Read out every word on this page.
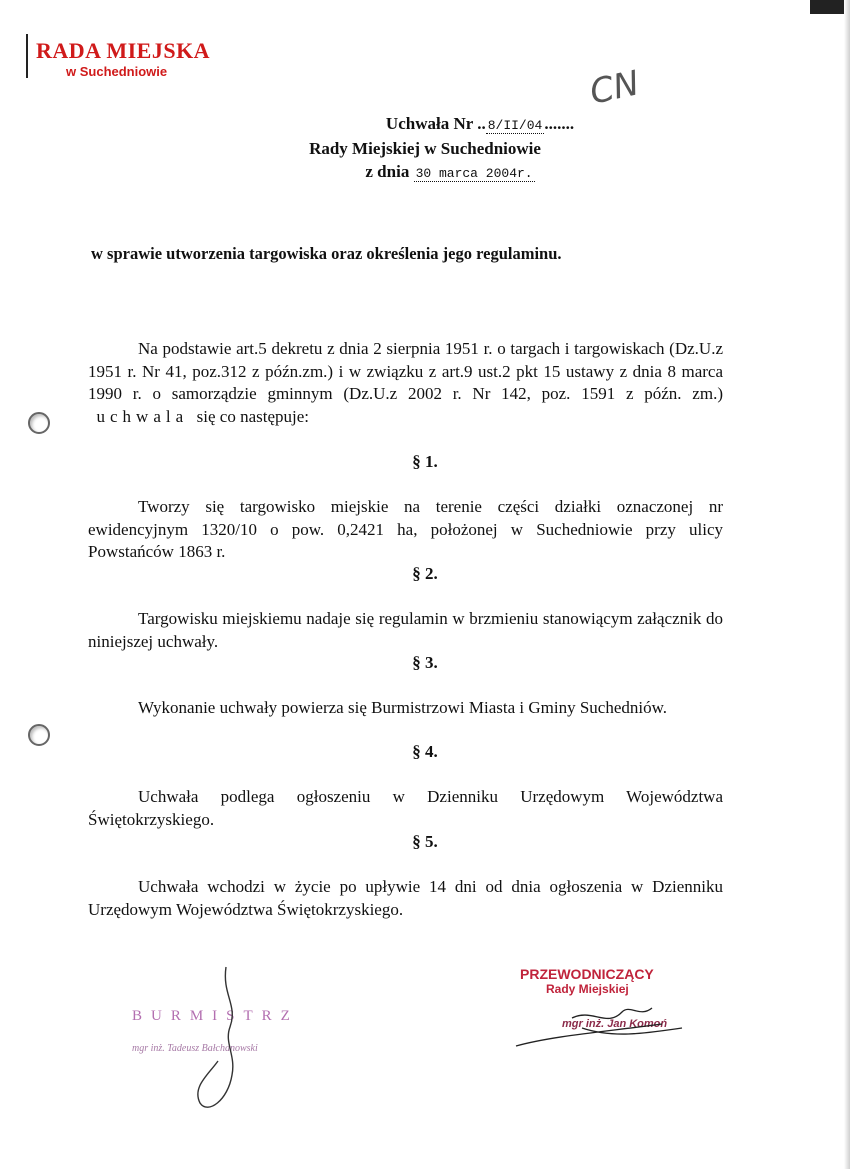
RADA MIEJSKA
w Suchedniowie	CN
Uchwała Nr .. 8/II/04 .......
Rady Miejskiej w Suchedniowie
z dnia 30 marca 2004r.
w sprawie utworzenia targowiska oraz określenia jego regulaminu.
Na podstawie art.5 dekretu z dnia 2 sierpnia 1951 r. o targach i targowiskach (Dz.U.z 1951 r. Nr 41, poz.312 z późn.zm.) i w związku z art.9 ust.2 pkt 15 ustawy z dnia 8 marca 1990 r. o samorządzie gminnym (Dz.U.z 2002 r. Nr 142, poz. 1591 z późn. zm.)   uchwala się co następuje:
§ 1.
Tworzy się targowisko miejskie na terenie części działki oznaczonej nr ewidencyjnym 1320/10 o pow. 0,2421 ha, położonej w Suchedniowie przy ulicy Powstańców 1863 r.
§ 2.
Targowisku miejskiemu nadaje się regulamin w brzmieniu stanowiącym załącznik do niniejszej uchwały.
§ 3.
Wykonanie uchwały powierza się Burmistrzowi Miasta i Gminy Suchedniów.
§ 4.
Uchwała podlega ogłoszeniu w Dzienniku Urzędowym Województwa Świętokrzyskiego.
§ 5.
Uchwała wchodzi w życie po upływie 14 dni od dnia ogłoszenia w Dzienniku Urzędowym Województwa Świętokrzyskiego.
BURMISTRZ
mgr inż. Tadeusz Bałchanowski
PRZEWODNICZĄCY
Rady Miejskiej
mgr inż. Jan Komoń
